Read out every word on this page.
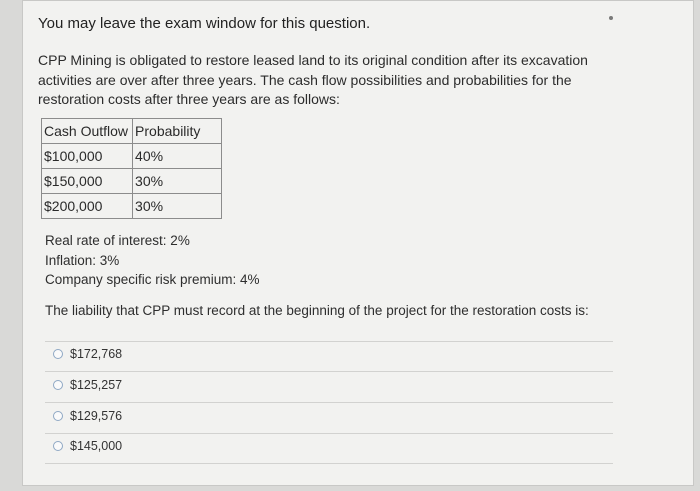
You may leave the exam window for this question.
CPP Mining is obligated to restore leased land to its original condition after its excavation activities are over after three years. The cash flow possibilities and probabilities for the restoration costs after three years are as follows:
Cash Outflow	Probability
$100,000	40%
$150,000	30%
$200,000	30%
Real rate of interest: 2%
Inflation: 3%
Company specific risk premium: 4%
The liability that CPP must record at the beginning of the project for the restoration costs is:
$172,768
$125,257
$129,576
$145,000
